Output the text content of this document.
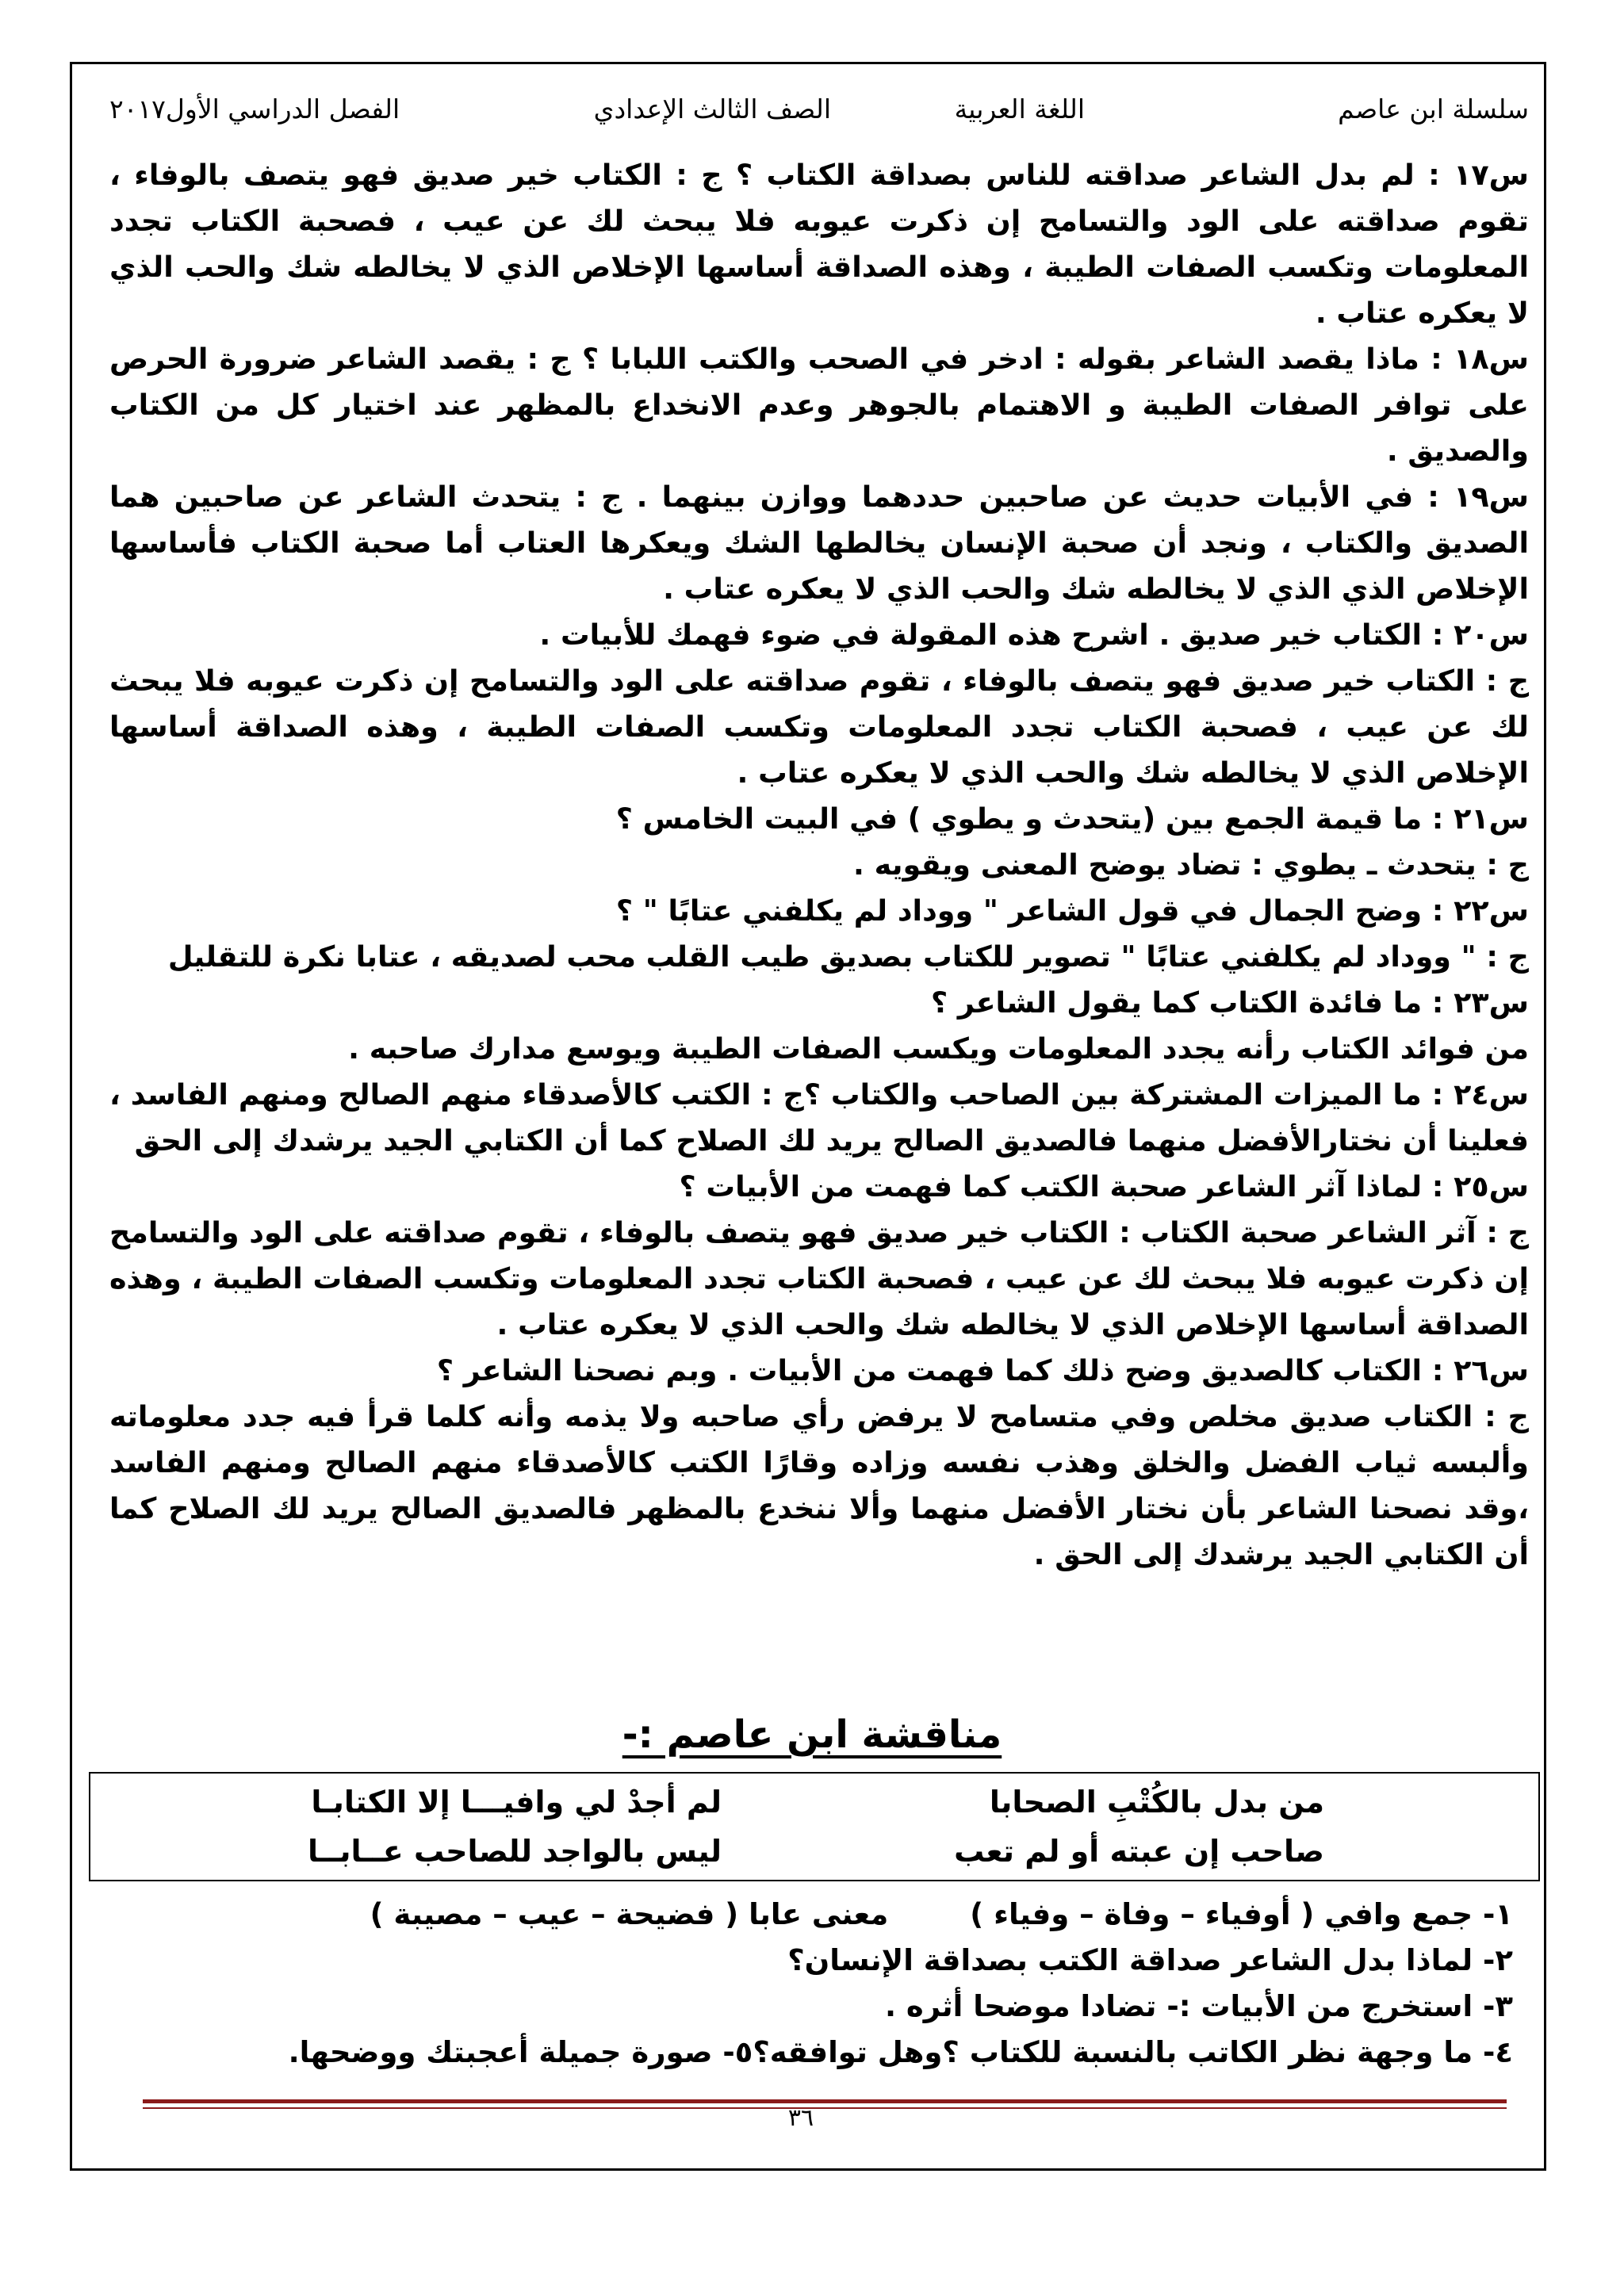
سلسلة ابن عاصم
اللغة العربية
الصف الثالث الإعدادي
الفصل الدراسي الأول٢٠١٧

س١٧ : لم بدل الشاعر صداقته للناس بصداقة الكتاب ؟ ج : الكتاب خير صديق فهو يتصف بالوفاء ، تقوم صداقته على الود والتسامح إن ذكرت عيوبه فلا يبحث لك عن عيب ، فصحبة الكتاب تجدد المعلومات وتكسب الصفات الطيبة ، وهذه الصداقة أساسها الإخلاص الذي لا يخالطه شك والحب الذي لا يعكره عتاب .

س١٨ : ماذا يقصد الشاعر بقوله : ادخر في الصحب والكتب اللبابا ؟ ج : يقصد الشاعر ضرورة الحرص على توافر الصفات الطيبة و الاهتمام بالجوهر وعدم الانخداع بالمظهر عند اختيار كل من الكتاب والصديق .

س١٩ : في الأبيات حديث عن صاحبين حددهما ووازن بينهما . ج : يتحدث الشاعر عن صاحبين هما الصديق والكتاب ، ونجد أن صحبة الإنسان يخالطها الشك ويعكرها العتاب أما صحبة الكتاب فأساسها الإخلاص الذي الذي لا يخالطه شك والحب الذي لا يعكره عتاب .

س٢٠ : الكتاب خير صديق . اشرح هذه المقولة في ضوء فهمك للأبيات .
ج : الكتاب خير صديق فهو يتصف بالوفاء ، تقوم صداقته على الود والتسامح إن ذكرت عيوبه فلا يبحث لك عن عيب ، فصحبة الكتاب تجدد المعلومات وتكسب الصفات الطيبة ، وهذه الصداقة أساسها الإخلاص الذي لا يخالطه شك والحب الذي لا يعكره عتاب .

س٢١ : ما قيمة الجمع بين (يتحدث و يطوي ) في البيت الخامس ؟
ج : يتحدث ـ يطوي : تضاد يوضح المعنى ويقويه .

س٢٢ : وضح الجمال في قول الشاعر " ووداد لم يكلفني عتابًا " ؟
ج : " ووداد لم يكلفني عتابًا " تصوير للكتاب بصديق طيب القلب محب لصديقه ، عتابا نكرة للتقليل

س٢٣ : ما فائدة الكتاب كما يقول الشاعر ؟
من فوائد الكتاب رأنه يجدد المعلومات ويكسب الصفات الطيبة ويوسع مدارك صاحبه .

س٢٤ : ما الميزات المشتركة بين الصاحب والكتاب ؟ج : الكتب كالأصدقاء منهم الصالح ومنهم الفاسد ، فعلينا أن نختارالأفضل منهما فالصديق الصالح يريد لك الصلاح كما أن الكتابي الجيد يرشدك إلى الحق

س٢٥ : لماذا آثر الشاعر صحبة الكتب كما فهمت من الأبيات ؟
ج : آثر الشاعر صحبة الكتاب : الكتاب خير صديق فهو يتصف بالوفاء ، تقوم صداقته على الود والتسامح إن ذكرت عيوبه فلا يبحث لك عن عيب ، فصحبة الكتاب تجدد المعلومات وتكسب الصفات الطيبة ، وهذه الصداقة أساسها الإخلاص الذي لا يخالطه شك والحب الذي لا يعكره عتاب .

س٢٦ : الكتاب كالصديق وضح ذلك كما فهمت من الأبيات . وبم نصحنا الشاعر ؟
ج : الكتاب صديق مخلص وفي متسامح لا يرفض رأي صاحبه ولا يذمه وأنه كلما قرأ فيه جدد معلوماته وألبسه ثياب الفضل والخلق وهذب نفسه وزاده وقارًا الكتب كالأصدقاء منهم الصالح ومنهم الفاسد ،وقد نصحنا الشاعر بأن نختار الأفضل منهما وألا ننخدع بالمظهر فالصديق الصالح يريد لك الصلاح كما أن الكتابي الجيد يرشدك إلى الحق .

مناقشة ابن عاصم :-
من بدل بالكُتْبِ الصحابا
لم أجدْ لي وافيـــا إلا الكتابـا
صاحب إن عبته أو لم تعب
ليس بالواجد للصاحب عــابــا

١- جمع وافي ( أوفياء – وفاة – وفياء )        معنى عابا ( فضيحة – عيب – مصيبة )

٢- لماذا بدل الشاعر صداقة الكتب بصداقة الإنسان؟

٣- استخرج من الأبيات :- تضادا موضحا أثره .

٤- ما وجهة نظر الكاتب بالنسبة للكتاب ؟وهل توافقه؟٥- صورة جميلة أعجبتك ووضحها.

٣٦
